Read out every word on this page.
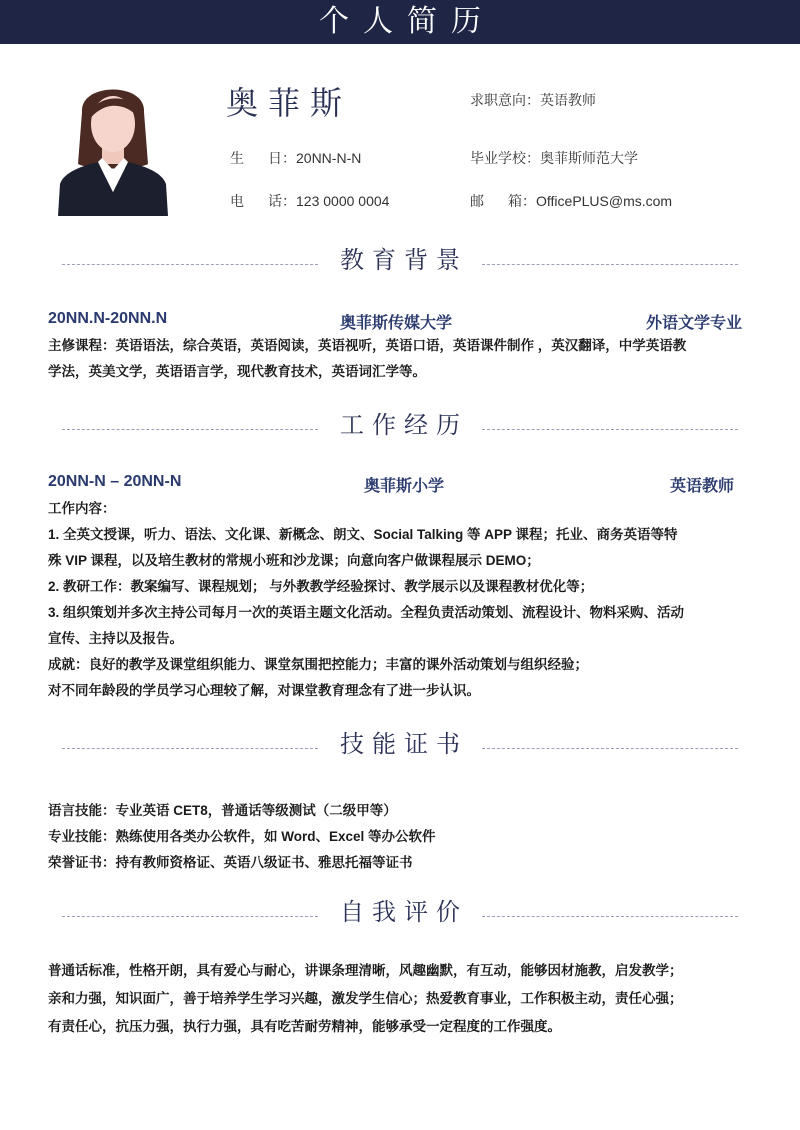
个人简历
奥菲斯	求职意向：英语教师
生日：20NN-N-N	毕业学校：奥菲斯师范大学
电话：123 0000 0004	邮箱：OfficePLUS@ms.com
教育背景
20NN.N-20NN.N	奥菲斯传媒大学	外语文学专业
主修课程：英语语法，综合英语，英语阅读，英语视听，英语口语，英语课件制作 ，英汉翻译，中学英语教
学法，英美文学，英语语言学，现代教育技术，英语词汇学等。
工作经历
20NN-N – 20NN-N	奥菲斯小学	英语教师
工作内容：
1. 全英文授课，听力、语法、文化课、新概念、朗文、Social Talking 等 APP 课程；托业、商务英语等特
殊 VIP 课程，以及培生教材的常规小班和沙龙课；向意向客户做课程展示 DEMO；
2. 教研工作：教案编写、课程规划； 与外教教学经验探讨、教学展示以及课程教材优化等；
3. 组织策划并多次主持公司每月一次的英语主题文化活动。全程负责活动策划、流程设计、物料采购、活动
宣传、主持以及报告。
成就：良好的教学及课堂组织能力、课堂氛围把控能力；丰富的课外活动策划与组织经验；
对不同年龄段的学员学习心理较了解，对课堂教育理念有了进一步认识。
技能证书
语言技能：专业英语 CET8，普通话等级测试（二级甲等）
专业技能：熟练使用各类办公软件，如 Word、Excel 等办公软件
荣誉证书：持有教师资格证、英语八级证书、雅思托福等证书
自我评价
普通话标准，性格开朗，具有爱心与耐心，讲课条理清晰，风趣幽默，有互动，能够因材施教，启发教学；
亲和力强，知识面广，善于培养学生学习兴趣，激发学生信心；热爱教育事业，工作积极主动，责任心强；
有责任心，抗压力强，执行力强，具有吃苦耐劳精神，能够承受一定程度的工作强度。
